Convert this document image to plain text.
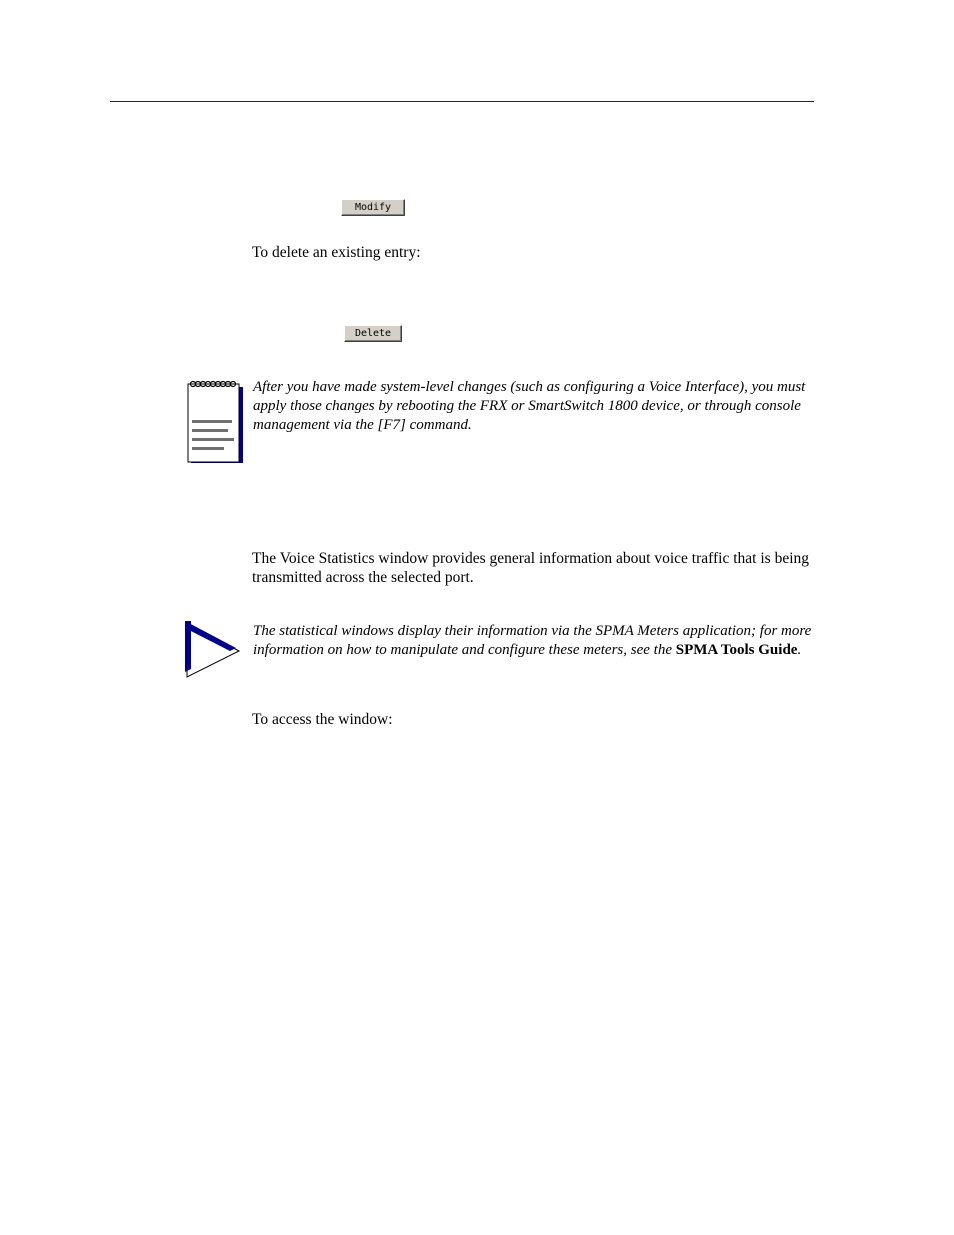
Modify
To delete an existing entry:
Delete
After you have made system-level changes (such as configuring a Voice Interface), you must apply those changes by rebooting the FRX or SmartSwitch 1800 device, or through console management via the [F7] command.
The Voice Statistics window provides general information about voice traffic that is being transmitted across the selected port.
The statistical windows display their information via the SPMA Meters application; for more information on how to manipulate and configure these meters, see the SPMA Tools Guide.
To access the window:
